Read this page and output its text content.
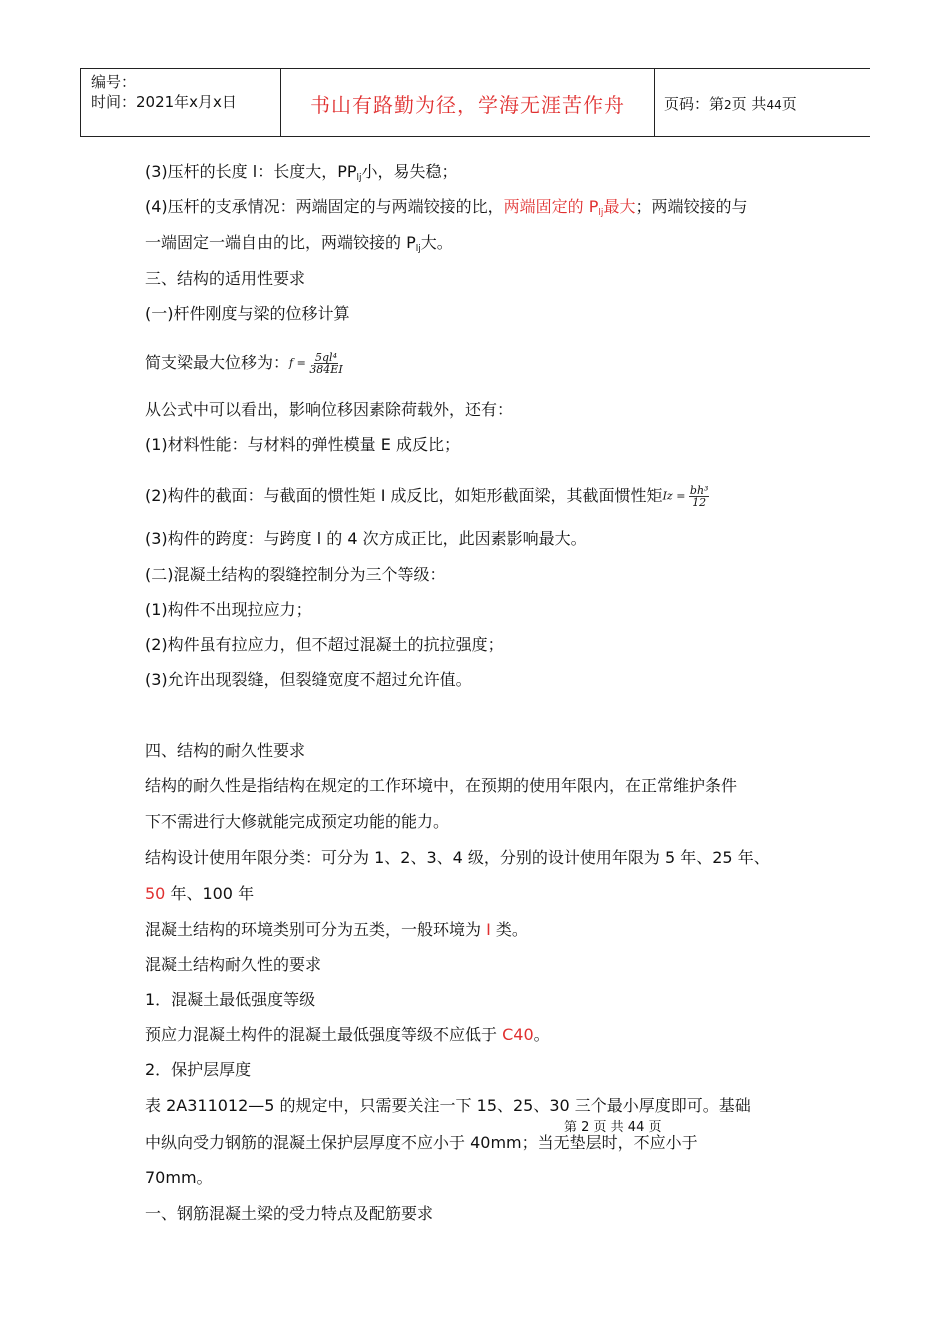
编号：
时间：2021年x月x日	书山有路勤为径，学海无涯苦作舟	页码：第2页 共44页
(3)压杆的长度 l：长度大，$PP_{lj}$小，易失稳；
(4)压杆的支承情况：两端固定的与两端铰接的比，两端固定的 $P_{lj}$最大；两端铰接的与
一端固定一端自由的比，两端铰接的 $P_{lj}$大。
三、结构的适用性要求
(一)杆件刚度与梁的位移计算
简支梁最大位移为：$f = \frac{\text{5ql⁴}}{384EI}$
从公式中可以看出，影响位移因素除荷载外，还有：
(1)材料性能：与材料的弹性模量 E 成反比；
(2)构件的截面：与截面的惯性矩 I 成反比，如矩形截面梁，其截面惯性矩$Iz = \frac{\text{bh³}}{12}$
(3)构件的跨度：与跨度 l 的 4 次方成正比，此因素影响最大。
(二)混凝土结构的裂缝控制分为三个等级：
(1)构件不出现拉应力；
(2)构件虽有拉应力，但不超过混凝土的抗拉强度；
(3)允许出现裂缝，但裂缝宽度不超过允许值。
四、结构的耐久性要求
结构的耐久性是指结构在规定的工作环境中，在预期的使用年限内，在正常维护条件
下不需进行大修就能完成预定功能的能力。
结构设计使用年限分类：可分为 1、2、3、4 级，分别的设计使用年限为 5 年、25 年、
50 年、100 年
混凝土结构的环境类别可分为五类，一般环境为 I 类。
混凝土结构耐久性的要求
1．混凝土最低强度等级
预应力混凝土构件的混凝土最低强度等级不应低于 C40。
2．保护层厚度
表 2A311012—5 的规定中，只需要关注一下 15、25、30 三个最小厚度即可。基础
中纵向受力钢筋的混凝土保护层厚度不应小于 40mm；当无垫层时，不应小于
70mm。
一、钢筋混凝土梁的受力特点及配筋要求
第 2 页 共 44 页
